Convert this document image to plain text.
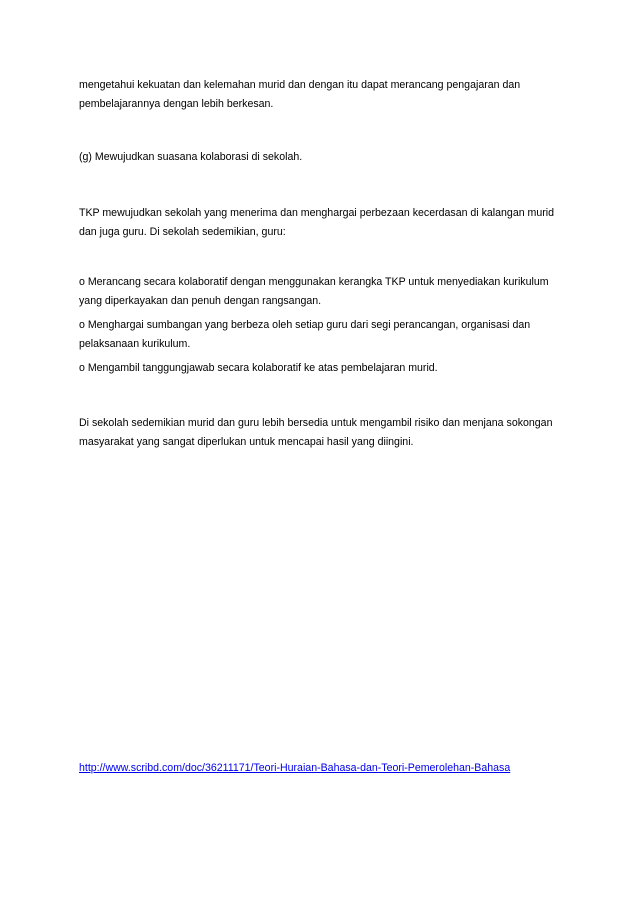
mengetahui kekuatan dan kelemahan murid dan dengan itu dapat merancang pengajaran dan
pembelajarannya dengan lebih berkesan.

(g) Mewujudkan suasana kolaborasi di sekolah.

TKP mewujudkan sekolah yang menerima dan menghargai perbezaan kecerdasan di kalangan murid
dan juga guru. Di sekolah sedemikian, guru:

o Merancang secara kolaboratif dengan menggunakan kerangka TKP untuk menyediakan kurikulum
yang diperkayakan dan penuh dengan rangsangan.

o Menghargai sumbangan yang berbeza oleh setiap guru dari segi perancangan, organisasi dan
pelaksanaan kurikulum.

o Mengambil tanggungjawab secara kolaboratif ke atas pembelajaran murid.

Di sekolah sedemikian murid dan guru lebih bersedia untuk mengambil risiko dan menjana sokongan
masyarakat yang sangat diperlukan untuk mencapai hasil yang diingini.

http://www.scribd.com/doc/36211171/Teori-Huraian-Bahasa-dan-Teori-Pemerolehan-Bahasa
